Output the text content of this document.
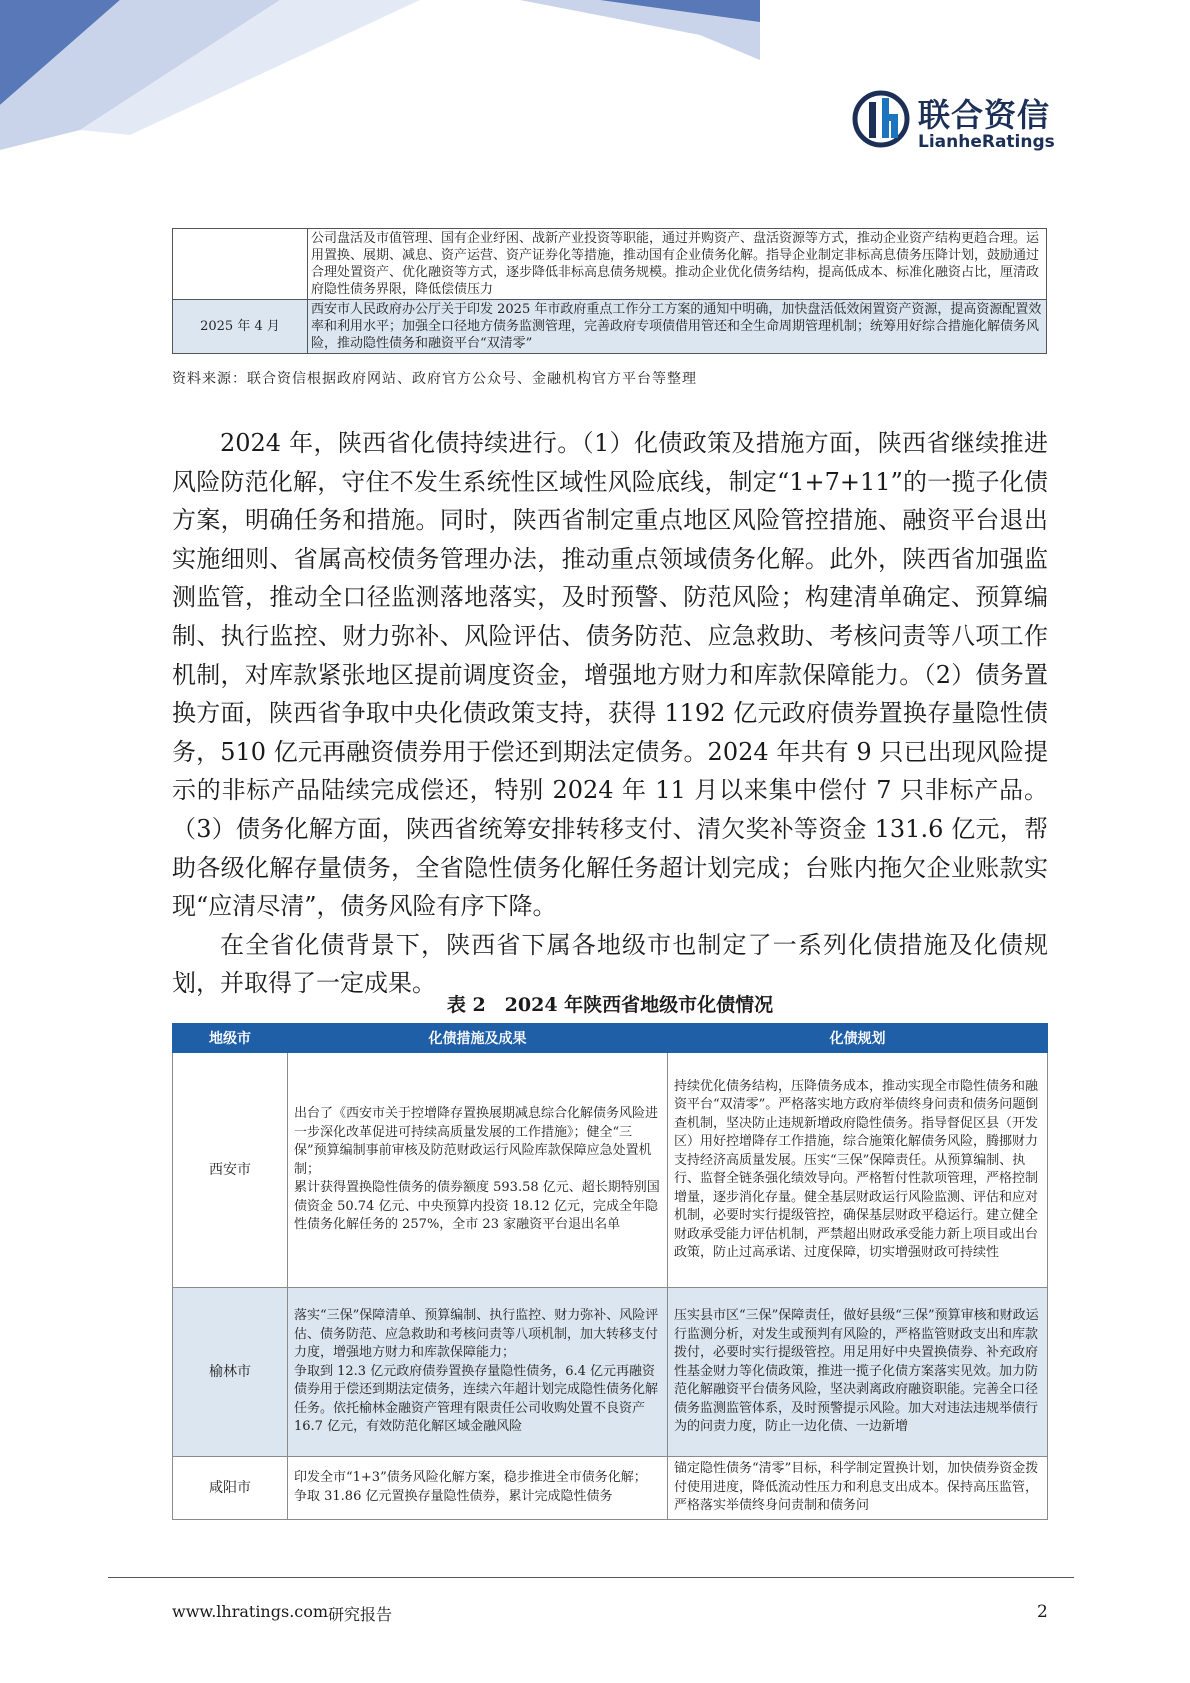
联合资信
LianheRatings
	公司盘活及市值管理、国有企业纾困、战新产业投资等职能，通过并购资产、盘活资源等方式，推动企业资产结构更趋合理。运用置换、展期、减息、资产运营、资产证券化等措施，推动国有企业债务化解。指导企业制定非标高息债务压降计划，鼓励通过合理处置资产、优化融资等方式，逐步降低非标高息债务规模。推动企业优化债务结构，提高低成本、标准化融资占比，厘清政府隐性债务界限，降低偿债压力
2025 年 4 月	西安市人民政府办公厅关于印发 2025 年市政府重点工作分工方案的通知中明确，加快盘活低效闲置资产资源，提高资源配置效率和利用水平；加强全口径地方债务监测管理，完善政府专项债借用管还和全生命周期管理机制；统筹用好综合措施化解债务风险，推动隐性债务和融资平台“双清零”
资料来源：联合资信根据政府网站、政府官方公众号、金融机构官方平台等整理

2024 年，陕西省化债持续进行。（1）化债政策及措施方面，陕西省继续推进风险防范化解，守住不发生系统性区域性风险底线，制定“1+7+11”的一揽子化债方案，明确任务和措施。同时，陕西省制定重点地区风险管控措施、融资平台退出实施细则、省属高校债务管理办法，推动重点领域债务化解。此外，陕西省加强监测监管，推动全口径监测落地落实，及时预警、防范风险；构建清单确定、预算编制、执行监控、财力弥补、风险评估、债务防范、应急救助、考核问责等八项工作机制，对库款紧张地区提前调度资金，增强地方财力和库款保障能力。（2）债务置换方面，陕西省争取中央化债政策支持，获得 1192 亿元政府债券置换存量隐性债务，510 亿元再融资债券用于偿还到期法定债务。2024 年共有 9 只已出现风险提示的非标产品陆续完成偿还，特别 2024 年 11 月以来集中偿付 7 只非标产品。（3）债务化解方面，陕西省统筹安排转移支付、清欠奖补等资金 131.6 亿元，帮助各级化解存量债务，全省隐性债务化解任务超计划完成；台账内拖欠企业账款实现“应清尽清”，债务风险有序下降。

在全省化债背景下，陕西省下属各地级市也制定了一系列化债措施及化债规划，并取得了一定成果。

表 2　2024 年陕西省地级市化债情况
地级市	化债措施及成果	化债规划
西安市	出台了《西安市关于控增降存置换展期减息综合化解债务风险进一步深化改革促进可持续高质量发展的工作措施》；健全“三保”预算编制事前审核及防范财政运行风险库款保障应急处置机制；
累计获得置换隐性债务的债券额度 593.58 亿元、超长期特别国债资金 50.74 亿元、中央预算内投资 18.12 亿元，完成全年隐性债务化解任务的 257%，全市 23 家融资平台退出名单	持续优化债务结构，压降债务成本，推动实现全市隐性债务和融资平台“双清零”。严格落实地方政府举债终身问责和债务问题倒查机制，坚决防止违规新增政府隐性债务。指导督促区县（开发区）用好控增降存工作措施，综合施策化解债务风险，腾挪财力支持经济高质量发展。压实“三保”保障责任。从预算编制、执行、监督全链条强化绩效导向。严格暂付性款项管理，严格控制增量，逐步消化存量。健全基层财政运行风险监测、评估和应对机制，必要时实行提级管控，确保基层财政平稳运行。建立健全财政承受能力评估机制，严禁超出财政承受能力新上项目或出台政策，防止过高承诺、过度保障，切实增强财政可持续性

榆林市	落实“三保”保障清单、预算编制、执行监控、财力弥补、风险评估、债务防范、应急救助和考核问责等八项机制，加大转移支付力度，增强地方财力和库款保障能力；
争取到 12.3 亿元政府债券置换存量隐性债务，6.4 亿元再融资债券用于偿还到期法定债务，连续六年超计划完成隐性债务化解任务。依托榆林金融资产管理有限责任公司收购处置不良资产 16.7 亿元，有效防范化解区域金融风险	压实县市区“三保”保障责任，做好县级“三保”预算审核和财政运行监测分析，对发生或预判有风险的，严格监管财政支出和库款拨付，必要时实行提级管控。用足用好中央置换债券、补充政府性基金财力等化债政策，推进一揽子化债方案落实见效。加力防范化解融资平台债务风险，坚决剥离政府融资职能。完善全口径债务监测监管体系，及时预警提示风险。加大对违法违规举债行为的问责力度，防止一边化债、一边新增

咸阳市	印发全市“1+3”债务风险化解方案，稳步推进全市债务化解；
争取 31.86 亿元置换存量隐性债券，累计完成隐性债务	锚定隐性债务“清零”目标，科学制定置换计划，加快债券资金拨付使用进度，降低流动性压力和利息支出成本。保持高压监管，严格落实举债终身问责制和债务问
www.lhratings.com 研究报告	2
